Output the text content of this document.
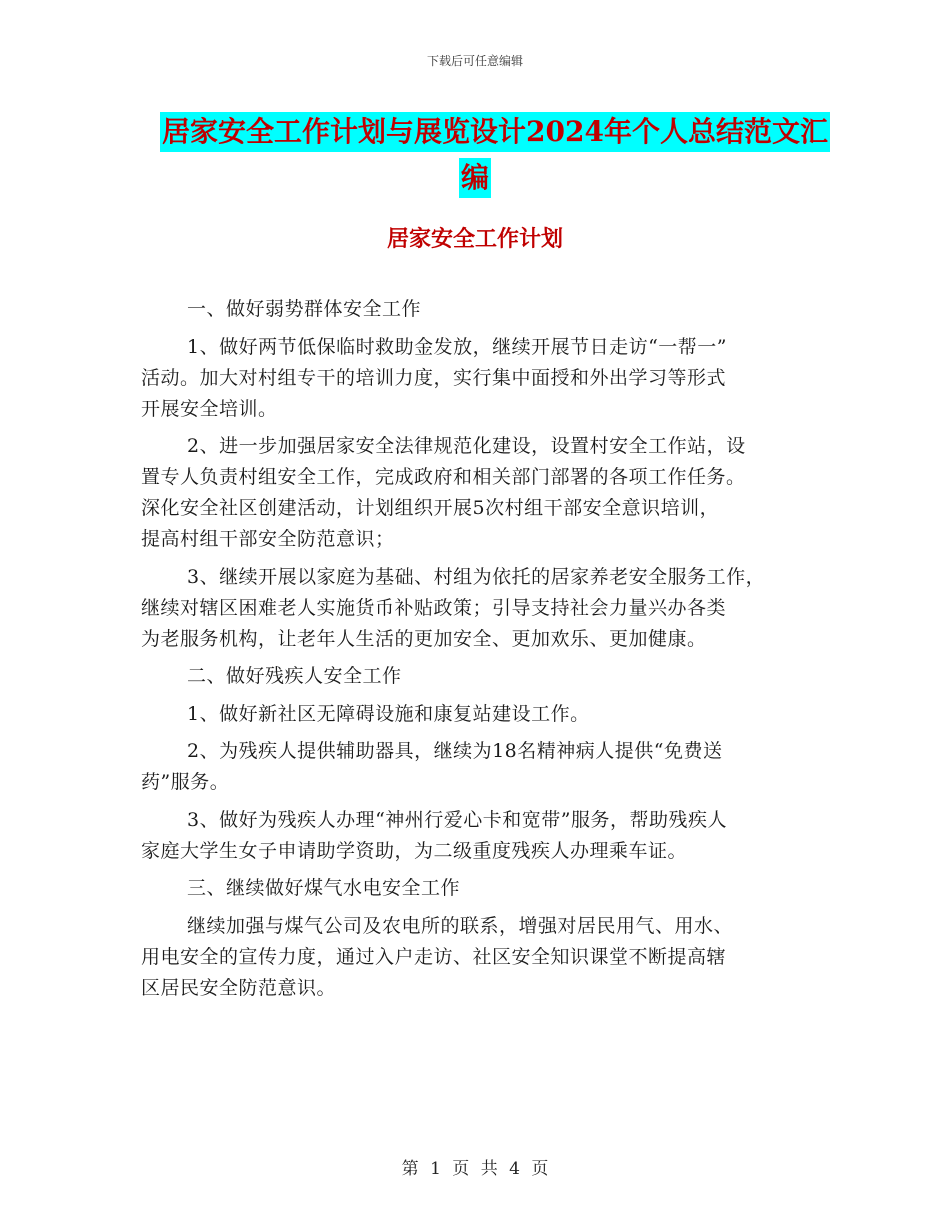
下载后可任意编辑
居家安全工作计划与展览设计2024年个人总结范文汇
编
居家安全工作计划

一、做好弱势群体安全工作

1、做好两节低保临时救助金发放，继续开展节日走访“一帮一”
活动。加大对村组专干的培训力度，实行集中面授和外出学习等形式
开展安全培训。

2、进一步加强居家安全法律规范化建设，设置村安全工作站，设
置专人负责村组安全工作，完成政府和相关部门部署的各项工作任务。
深化安全社区创建活动，计划组织开展5次村组干部安全意识培训，
提高村组干部安全防范意识；

3、继续开展以家庭为基础、村组为依托的居家养老安全服务工作，
继续对辖区困难老人实施货币补贴政策；引导支持社会力量兴办各类
为老服务机构，让老年人生活的更加安全、更加欢乐、更加健康。

二、做好残疾人安全工作

1、做好新社区无障碍设施和康复站建设工作。

2、为残疾人提供辅助器具，继续为18名精神病人提供“免费送
药”服务。

3、做好为残疾人办理“神州行爱心卡和宽带”服务，帮助残疾人
家庭大学生女子申请助学资助，为二级重度残疾人办理乘车证。

三、继续做好煤气水电安全工作

继续加强与煤气公司及农电所的联系，增强对居民用气、用水、
用电安全的宣传力度，通过入户走访、社区安全知识课堂不断提高辖
区居民安全防范意识。

第 1 页 共 4 页
